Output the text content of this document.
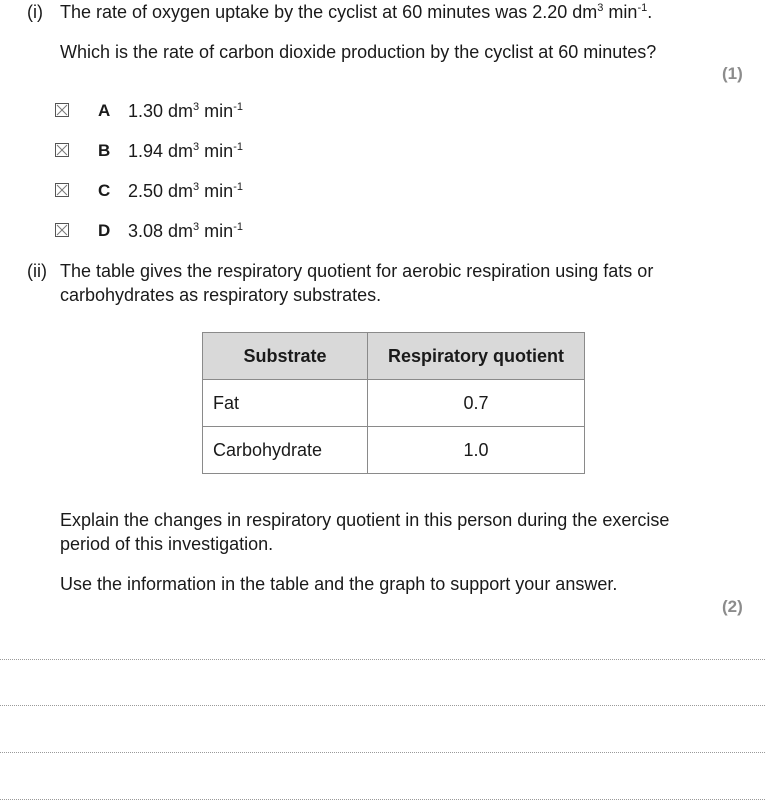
(i) The rate of oxygen uptake by the cyclist at 60 minutes was 2.20 $dm^3$ $\min^{-1}$.
Which is the rate of carbon dioxide production by the cyclist at 60 minutes?
(1)
A 1.30 $dm^3$ $\min^{-1}$
B 1.94 $dm^3$ $\min^{-1}$
C 2.50 $dm^3$ $\min^{-1}$
D 3.08 $dm^3$ $\min^{-1}$
(ii) The table gives the respiratory quotient for aerobic respiration using fats or
carbohydrates as respiratory substrates.
Substrate	Respiratory quotient
Fat	0.7
Carbohydrate	1.0
Explain the changes in respiratory quotient in this person during the exercise
period of this investigation.
Use the information in the table and the graph to support your answer.
(2)
